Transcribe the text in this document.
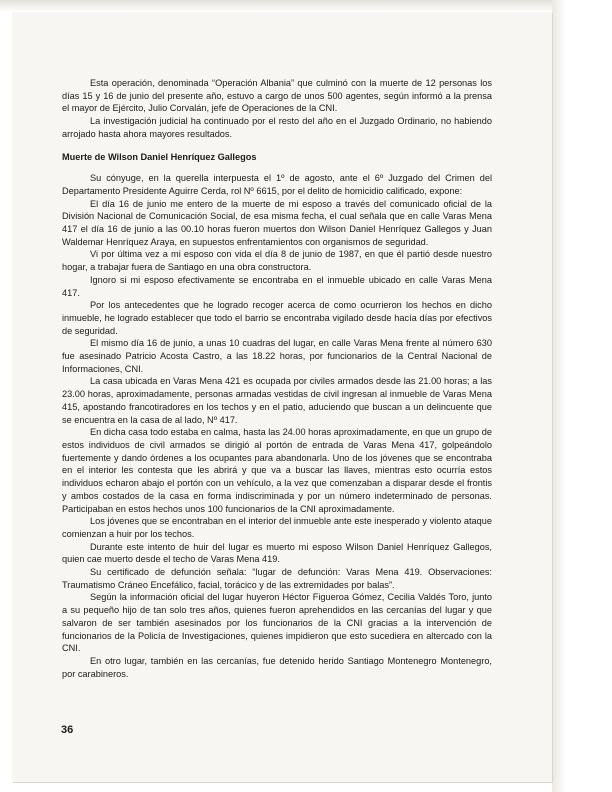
Esta operación, denominada “Operación Albania” que culminó con la muerte de 12 personas los días 15 y 16 de junio del presente año, estuvo a cargo de unos 500 agentes, según informó a la prensa el mayor de Ejército, Julio Corvalán, jefe de Operaciones de la CNI.

La investigación judicial ha continuado por el resto del año en el Juzgado Ordinario, no habiendo arrojado hasta ahora mayores resultados.

Muerte de Wilson Daniel Henríquez Gallegos

Su cónyuge, en la querella interpuesta el 1º de agosto, ante el 6º Juzgado del Crimen del Departamento Presidente Aguirre Cerda, rol Nº 6615, por el delito de homicidio calificado, expone:

El día 16 de junio me entero de la muerte de mi esposo a través del comunicado oficial de la División Nacional de Comunicación Social, de esa misma fecha, el cual señala que en calle Varas Mena 417 el día 16 de junio a las 00.10 horas fueron muertos don Wilson Daniel Henríquez Gallegos y Juan Waldemar Henríquez Araya, en supuestos enfrentamientos con organismos de seguridad.

Vi por última vez a mi esposo con vida el día 8 de junio de 1987, en que él partió desde nuestro hogar, a trabajar fuera de Santiago en una obra constructora.

Ignoro si mi esposo efectivamente se encontraba en el inmueble ubicado en calle Varas Mena 417.

Por los antecedentes que he logrado recoger acerca de como ocurrieron los hechos en dicho inmueble, he logrado establecer que todo el barrio se encontraba vigilado desde hacía días por efectivos de seguridad.

El mismo día 16 de junio, a unas 10 cuadras del lugar, en calle Varas Mena frente al número 630 fue asesinado Patricio Acosta Castro, a las 18.22 horas, por funcionarios de la Central Nacional de Informaciones, CNI.

La casa ubicada en Varas Mena 421 es ocupada por civiles armados desde las 21.00 horas; a las 23.00 horas, aproximadamente, personas armadas vestidas de civil ingresan al inmueble de Varas Mena 415, apostando francotiradores en los techos y en el patio, aduciendo que buscan a un delincuente que se encuentra en la casa de al lado, Nº 417.

En dicha casa todo estaba en calma, hasta las 24.00 horas aproximadamente, en que un grupo de estos individuos de civil armados se dirigió al portón de entrada de Varas Mena 417, golpeándolo fuertemente y dando órdenes a los ocupantes para abandonarla. Uno de los jóvenes que se encontraba en el interior les contesta que les abrirá y que va a buscar las llaves, mientras esto ocurría estos individuos echaron abajo el portón con un vehículo, a la vez que comenzaban a disparar desde el frontis y ambos costados de la casa en forma indiscriminada y por un número indeterminado de personas. Participaban en estos hechos unos 100 funcionarios de la CNI aproximadamente.

Los jóvenes que se encontraban en el interior del inmueble ante este inesperado y violento ataque comienzan a huir por los techos.

Durante este intento de huir del lugar es muerto mi esposo Wilson Daniel Henríquez Gallegos, quien cae muerto desde el techo de Varas Mena 419.

Su certificado de defunción señala: “lugar de defunción: Varas Mena 419. Observaciones: Traumatismo Cráneo Encefálico, facial, torácico y de las extremidades por balas”.

Según la información oficial del lugar huyeron Héctor Figueroa Gómez, Cecilia Valdés Toro, junto a su pequeño hijo de tan solo tres años, quienes fueron aprehendidos en las cercanías del lugar y que salvaron de ser también asesinados por los funcionarios de la CNI gracias a la intervención de funcionarios de la Policía de Investigaciones, quienes impidieron que esto sucediera en altercado con la CNI.

En otro lugar, también en las cercanías, fue detenido herido Santiago Montenegro Montenegro, por carabineros.

36
